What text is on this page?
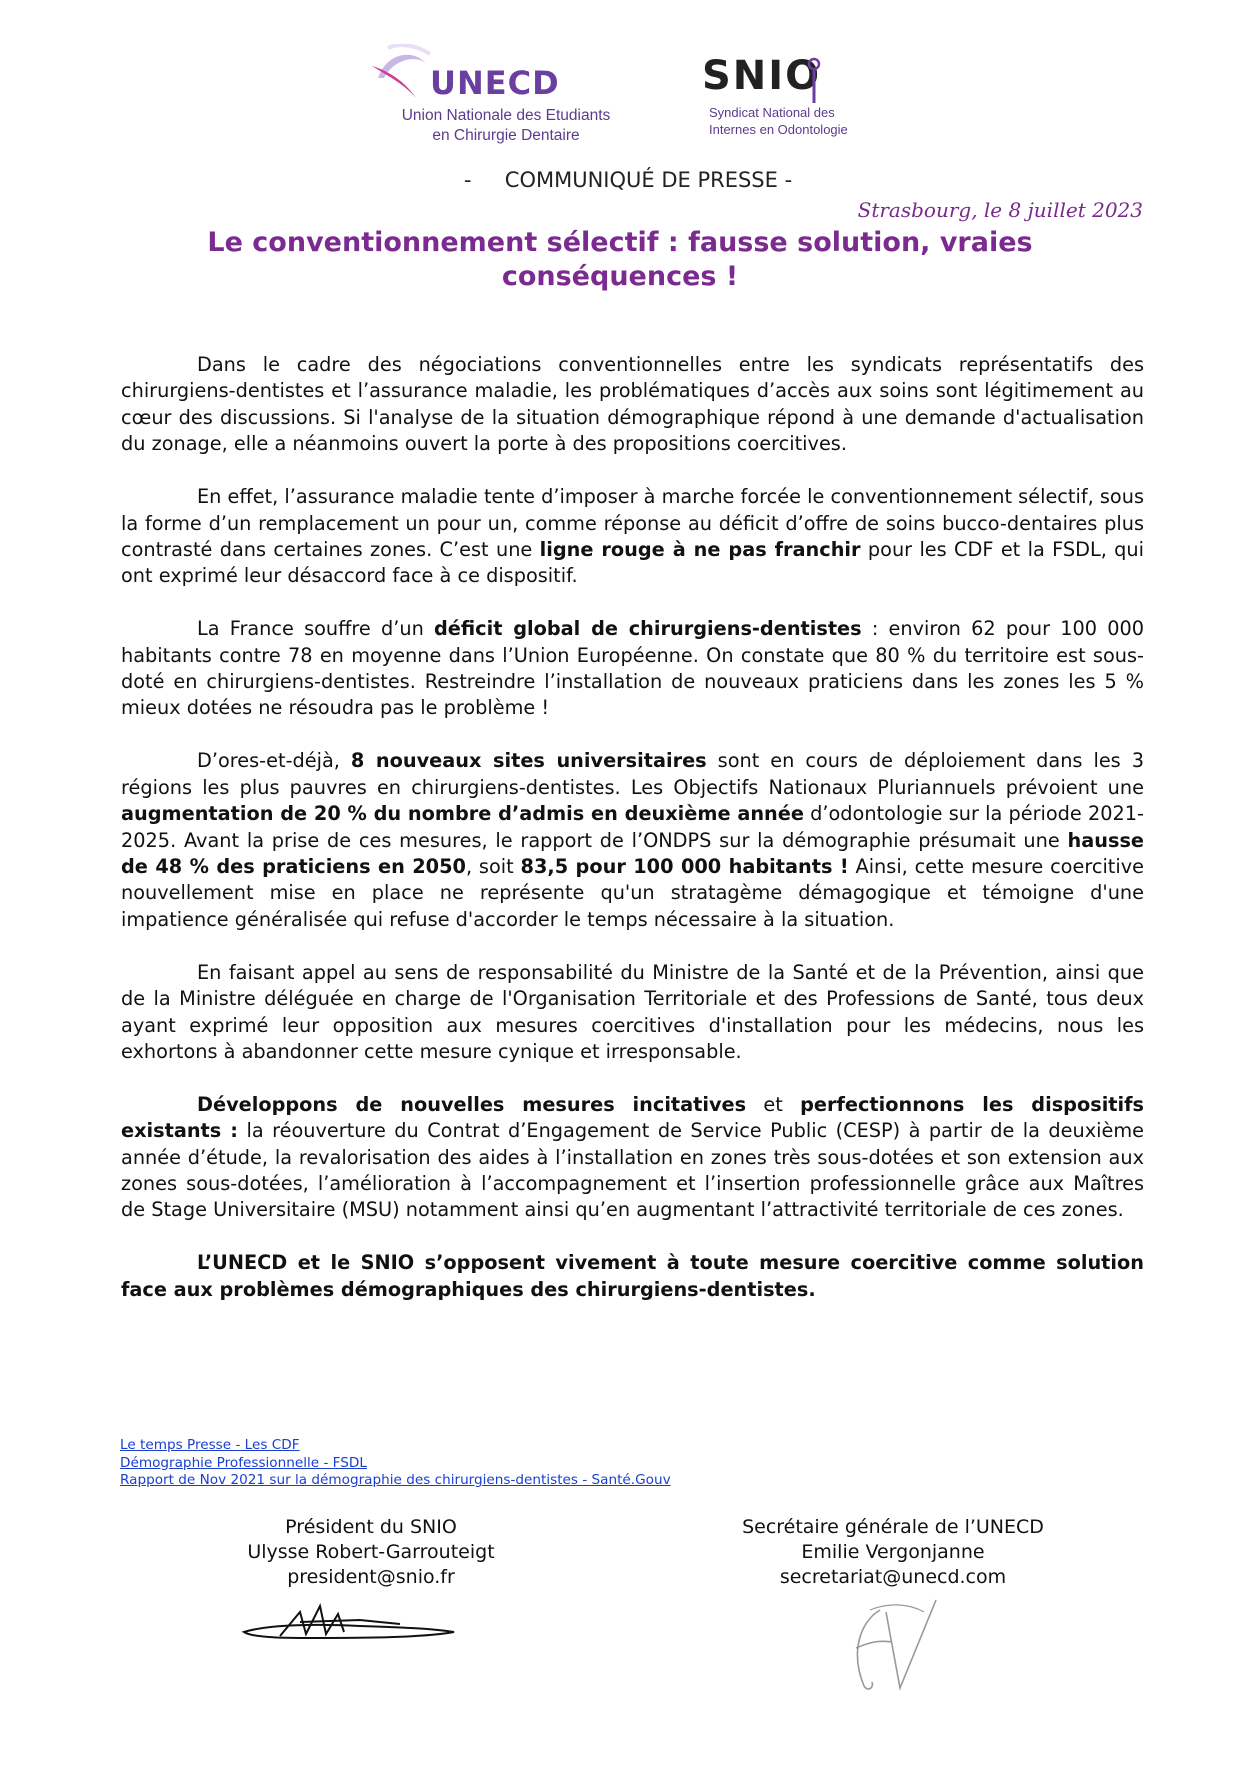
UNECD
Union Nationale des Etudiants
en Chirurgie Dentaire
SNIO
Syndicat National des
Internes en Odontologie
-     COMMUNIQUÉ DE PRESSE -
Strasbourg, le 8 juillet 2023
Le conventionnement sélectif : fausse solution, vraies conséquences !

Dans le cadre des négociations conventionnelles entre les syndicats représentatifs des chirurgiens-dentistes et l’assurance maladie, les problématiques d’accès aux soins sont légitimement au cœur des discussions. Si l'analyse de la situation démographique répond à une demande d'actualisation du zonage, elle a néanmoins ouvert la porte à des propositions coercitives.

En effet, l’assurance maladie tente d’imposer à marche forcée le conventionnement sélectif, sous la forme d’un remplacement un pour un, comme réponse au déficit d’offre de soins bucco-dentaires plus contrasté dans certaines zones. C’est une ligne rouge à ne pas franchir pour les CDF et la FSDL, qui ont exprimé leur désaccord face à ce dispositif.

La France souffre d’un déficit global de chirurgiens-dentistes : environ 62 pour 100 000 habitants contre 78 en moyenne dans l’Union Européenne. On constate que 80 % du territoire est sous-doté en chirurgiens-dentistes. Restreindre l’installation de nouveaux praticiens dans les zones les 5 % mieux dotées ne résoudra pas le problème !

D’ores-et-déjà, 8 nouveaux sites universitaires sont en cours de déploiement dans les 3 régions les plus pauvres en chirurgiens-dentistes. Les Objectifs Nationaux Pluriannuels prévoient une augmentation de 20 % du nombre d’admis en deuxième année d’odontologie sur la période 2021-2025. Avant la prise de ces mesures, le rapport de l’ONDPS sur la démographie présumait une hausse de 48 % des praticiens en 2050, soit 83,5 pour 100 000 habitants ! Ainsi, cette mesure coercitive nouvellement mise en place ne représente qu'un stratagème démagogique et témoigne d'une impatience généralisée qui refuse d'accorder le temps nécessaire à la situation.

En faisant appel au sens de responsabilité du Ministre de la Santé et de la Prévention, ainsi que de la Ministre déléguée en charge de l'Organisation Territoriale et des Professions de Santé, tous deux ayant exprimé leur opposition aux mesures coercitives d'installation pour les médecins, nous les exhortons à abandonner cette mesure cynique et irresponsable.

Développons de nouvelles mesures incitatives et perfectionnons les dispositifs existants : la réouverture du Contrat d’Engagement de Service Public (CESP) à partir de la deuxième année d’étude, la revalorisation des aides à l’installation en zones très sous-dotées et son extension aux zones sous-dotées, l’amélioration à l’accompagnement et l’insertion professionnelle grâce aux Maîtres de Stage Universitaire (MSU) notamment ainsi qu’en augmentant l’attractivité territoriale de ces zones.

L’UNECD et le SNIO s’opposent vivement à toute mesure coercitive comme solution face aux problèmes démographiques des chirurgiens-dentistes.

Le temps Presse - Les CDF
Démographie Professionnelle - FSDL
Rapport de Nov 2021 sur la démographie des chirurgiens-dentistes - Santé.Gouv
Président du SNIO
Ulysse Robert-Garrouteigt
president@snio.fr
Secrétaire générale de l’UNECD
Emilie Vergonjanne
secretariat@unecd.com
